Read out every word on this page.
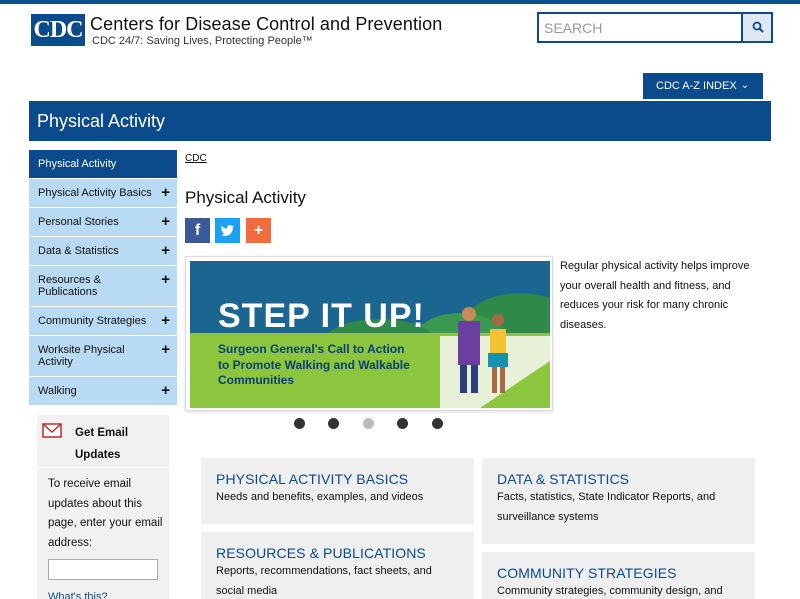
CDC Centers for Disease Control and Prevention
CDC 24/7: Saving Lives, Protecting People™
SEARCH
CDC A-Z INDEX ⌄
Physical Activity
Physical Activity
Physical Activity Basics +
Personal Stories	+
Data & Statistics	+
Resources & Publications
+
Community Strategies +
Worksite Physical Activity
+
Walking	+
Get Email Updates
To receive email updates about this page, enter your email address:
What's this?
CDC
Physical Activity
f	+
STEP IT UP!
Surgeon General's Call to Action to Promote Walking and Walkable Communities

Regular physical activity helps improve your overall health and fitness, and reduces your risk for many chronic diseases.

PHYSICAL ACTIVITY BASICS
Needs and benefits, examples, and videos
DATA & STATISTICS
Facts, statistics, State Indicator Reports, and surveillance systems
RESOURCES & PUBLICATIONS
Reports, recommendations, fact sheets, and social media
COMMUNITY STRATEGIES
Community strategies, community design, and
